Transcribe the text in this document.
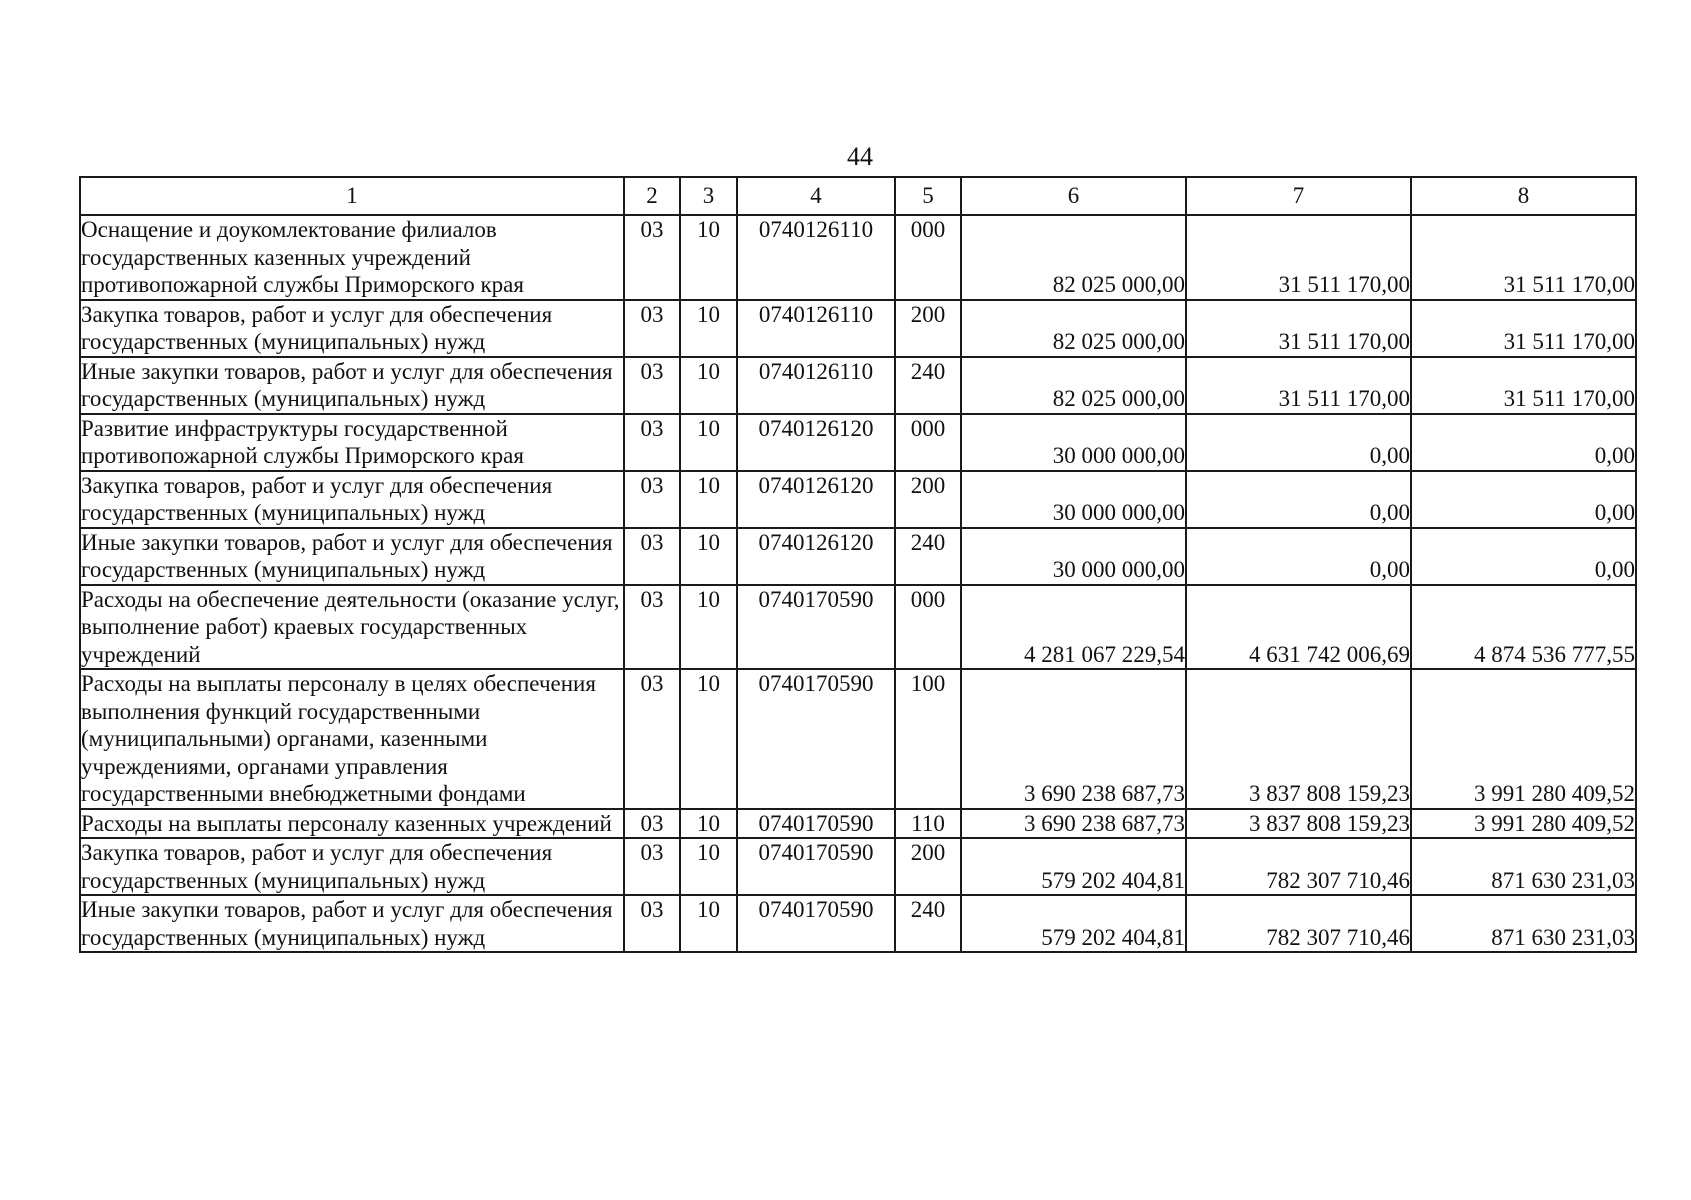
44
1	2	3	4	5	6	7	8
Оснащение и доукомлектование филиалов государственных казенных учреждений противопожарной службы Приморского края	03	10	0740126110	000	82 025 000,00	31 511 170,00	31 511 170,00
Закупка товаров, работ и услуг для обеспечения государственных (муниципальных) нужд	03	10	0740126110	200	82 025 000,00	31 511 170,00	31 511 170,00
Иные закупки товаров, работ и услуг для обеспечения государственных (муниципальных) нужд	03	10	0740126110	240	82 025 000,00	31 511 170,00	31 511 170,00
Развитие инфраструктуры государственной противопожарной службы Приморского края	03	10	0740126120	000	30 000 000,00	0,00	0,00
Закупка товаров, работ и услуг для обеспечения государственных (муниципальных) нужд	03	10	0740126120	200	30 000 000,00	0,00	0,00
Иные закупки товаров, работ и услуг для обеспечения государственных (муниципальных) нужд	03	10	0740126120	240	30 000 000,00	0,00	0,00
Расходы на обеспечение деятельности (оказание услуг, выполнение работ) краевых государственных учреждений	03	10	0740170590	000	4 281 067 229,54	4 631 742 006,69	4 874 536 777,55
Расходы на выплаты персоналу в целях обеспечения выполнения функций государственными (муниципальными) органами, казенными учреждениями, органами управления государственными внебюджетными фондами	03	10	0740170590	100	3 690 238 687,73	3 837 808 159,23	3 991 280 409,52
Расходы на выплаты персоналу казенных учреждений	03	10	0740170590	110	3 690 238 687,73	3 837 808 159,23	3 991 280 409,52
Закупка товаров, работ и услуг для обеспечения государственных (муниципальных) нужд	03	10	0740170590	200	579 202 404,81	782 307 710,46	871 630 231,03
Иные закупки товаров, работ и услуг для обеспечения государственных (муниципальных) нужд	03	10	0740170590	240	579 202 404,81	782 307 710,46	871 630 231,03
